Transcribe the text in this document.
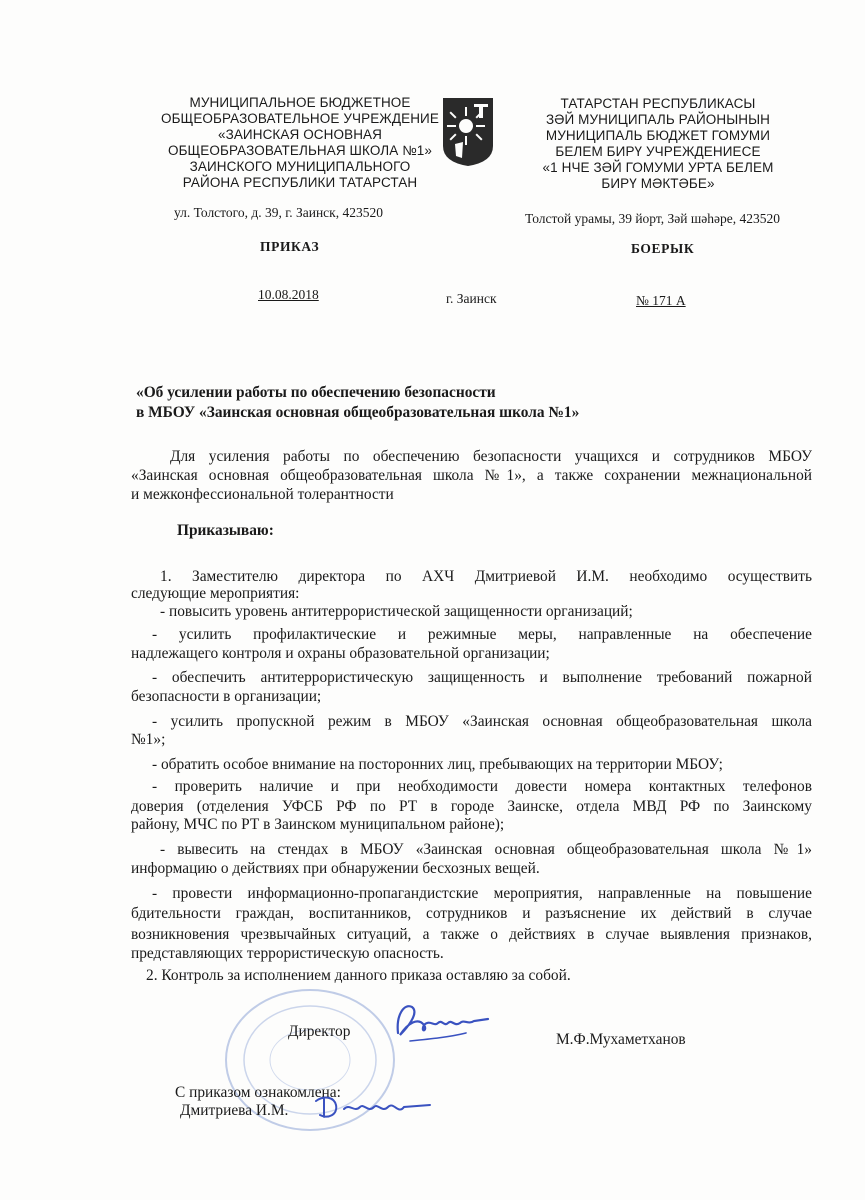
МУНИЦИПАЛЬНОЕ БЮДЖЕТНОЕ
ОБЩЕОБРАЗОВАТЕЛЬНОЕ УЧРЕЖДЕНИЕ
«ЗАИНСКАЯ ОСНОВНАЯ
ОБЩЕОБРАЗОВАТЕЛЬНАЯ ШКОЛА №1»
ЗАИНСКОГО МУНИЦИПАЛЬНОГО
РАЙОНА РЕСПУБЛИКИ ТАТАРСТАН
ТАТАРСТАН РЕСПУБЛИКАСЫ
ЗӘЙ МУНИЦИПАЛЬ РАЙОНЫНЫН
МУНИЦИПАЛЬ БЮДЖЕТ ГОМУМИ
БЕЛЕМ БИРҮ УЧРЕЖДЕНИЕСЕ
«1 НЧЕ ЗӘЙ ГОМУМИ УРТА БЕЛЕМ
БИРҮ МӘКТӘБЕ»
ул. Толстого, д. 39, г. Заинск, 423520	Толстой урамы, 39 йорт, Зәй шәһәре, 423520
ПРИКАЗ	БОЕРЫК
10.08.2018	г. Заинск	№ 171 А
«Об усилении работы по обеспечению безопасности
в МБОУ «Заинская основная общеобразовательная школа №1»
Для усиления работы по обеспечению безопасности учащихся и сотрудников МБОУ
«Заинская основная общеобразовательная школа №1», а также сохранении межнациональной
и межконфессиональной толерантности
Приказываю:
1. Заместителю директора по АХЧ Дмитриевой И.М. необходимо осуществить
следующие мероприятия:
- повысить уровень антитеррористической защищенности организаций;
- усилить профилактические и режимные меры, направленные на обеспечение
надлежащего контроля и охраны образовательной организации;
- обеспечить антитеррористическую защищенность и выполнение требований пожарной
безопасности в организации;
- усилить пропускной режим в МБОУ «Заинская основная общеобразовательная школа
№1»;
- обратить особое внимание на посторонних лиц, пребывающих на территории МБОУ;
- проверить наличие и при необходимости довести номера контактных телефонов
доверия (отделения УФСБ РФ по РТ в городе Заинске, отдела МВД РФ по Заинскому
району, МЧС по РТ в Заинском муниципальном районе);
- вывесить на стендах в МБОУ «Заинская основная общеобразовательная школа №1»
информацию о действиях при обнаружении бесхозных вещей.
- провести информационно-пропагандистские мероприятия, направленные на повышение
бдительности граждан, воспитанников, сотрудников и разъяснение их действий в случае
возникновения чрезвычайных ситуаций, а также о действиях в случае выявления признаков,
представляющих террористическую опасность.
2. Контроль за исполнением данного приказа оставляю за собой.
Директор	М.Ф.Мухаметханов
С приказом ознакомлена:
Дмитриева И.М.
